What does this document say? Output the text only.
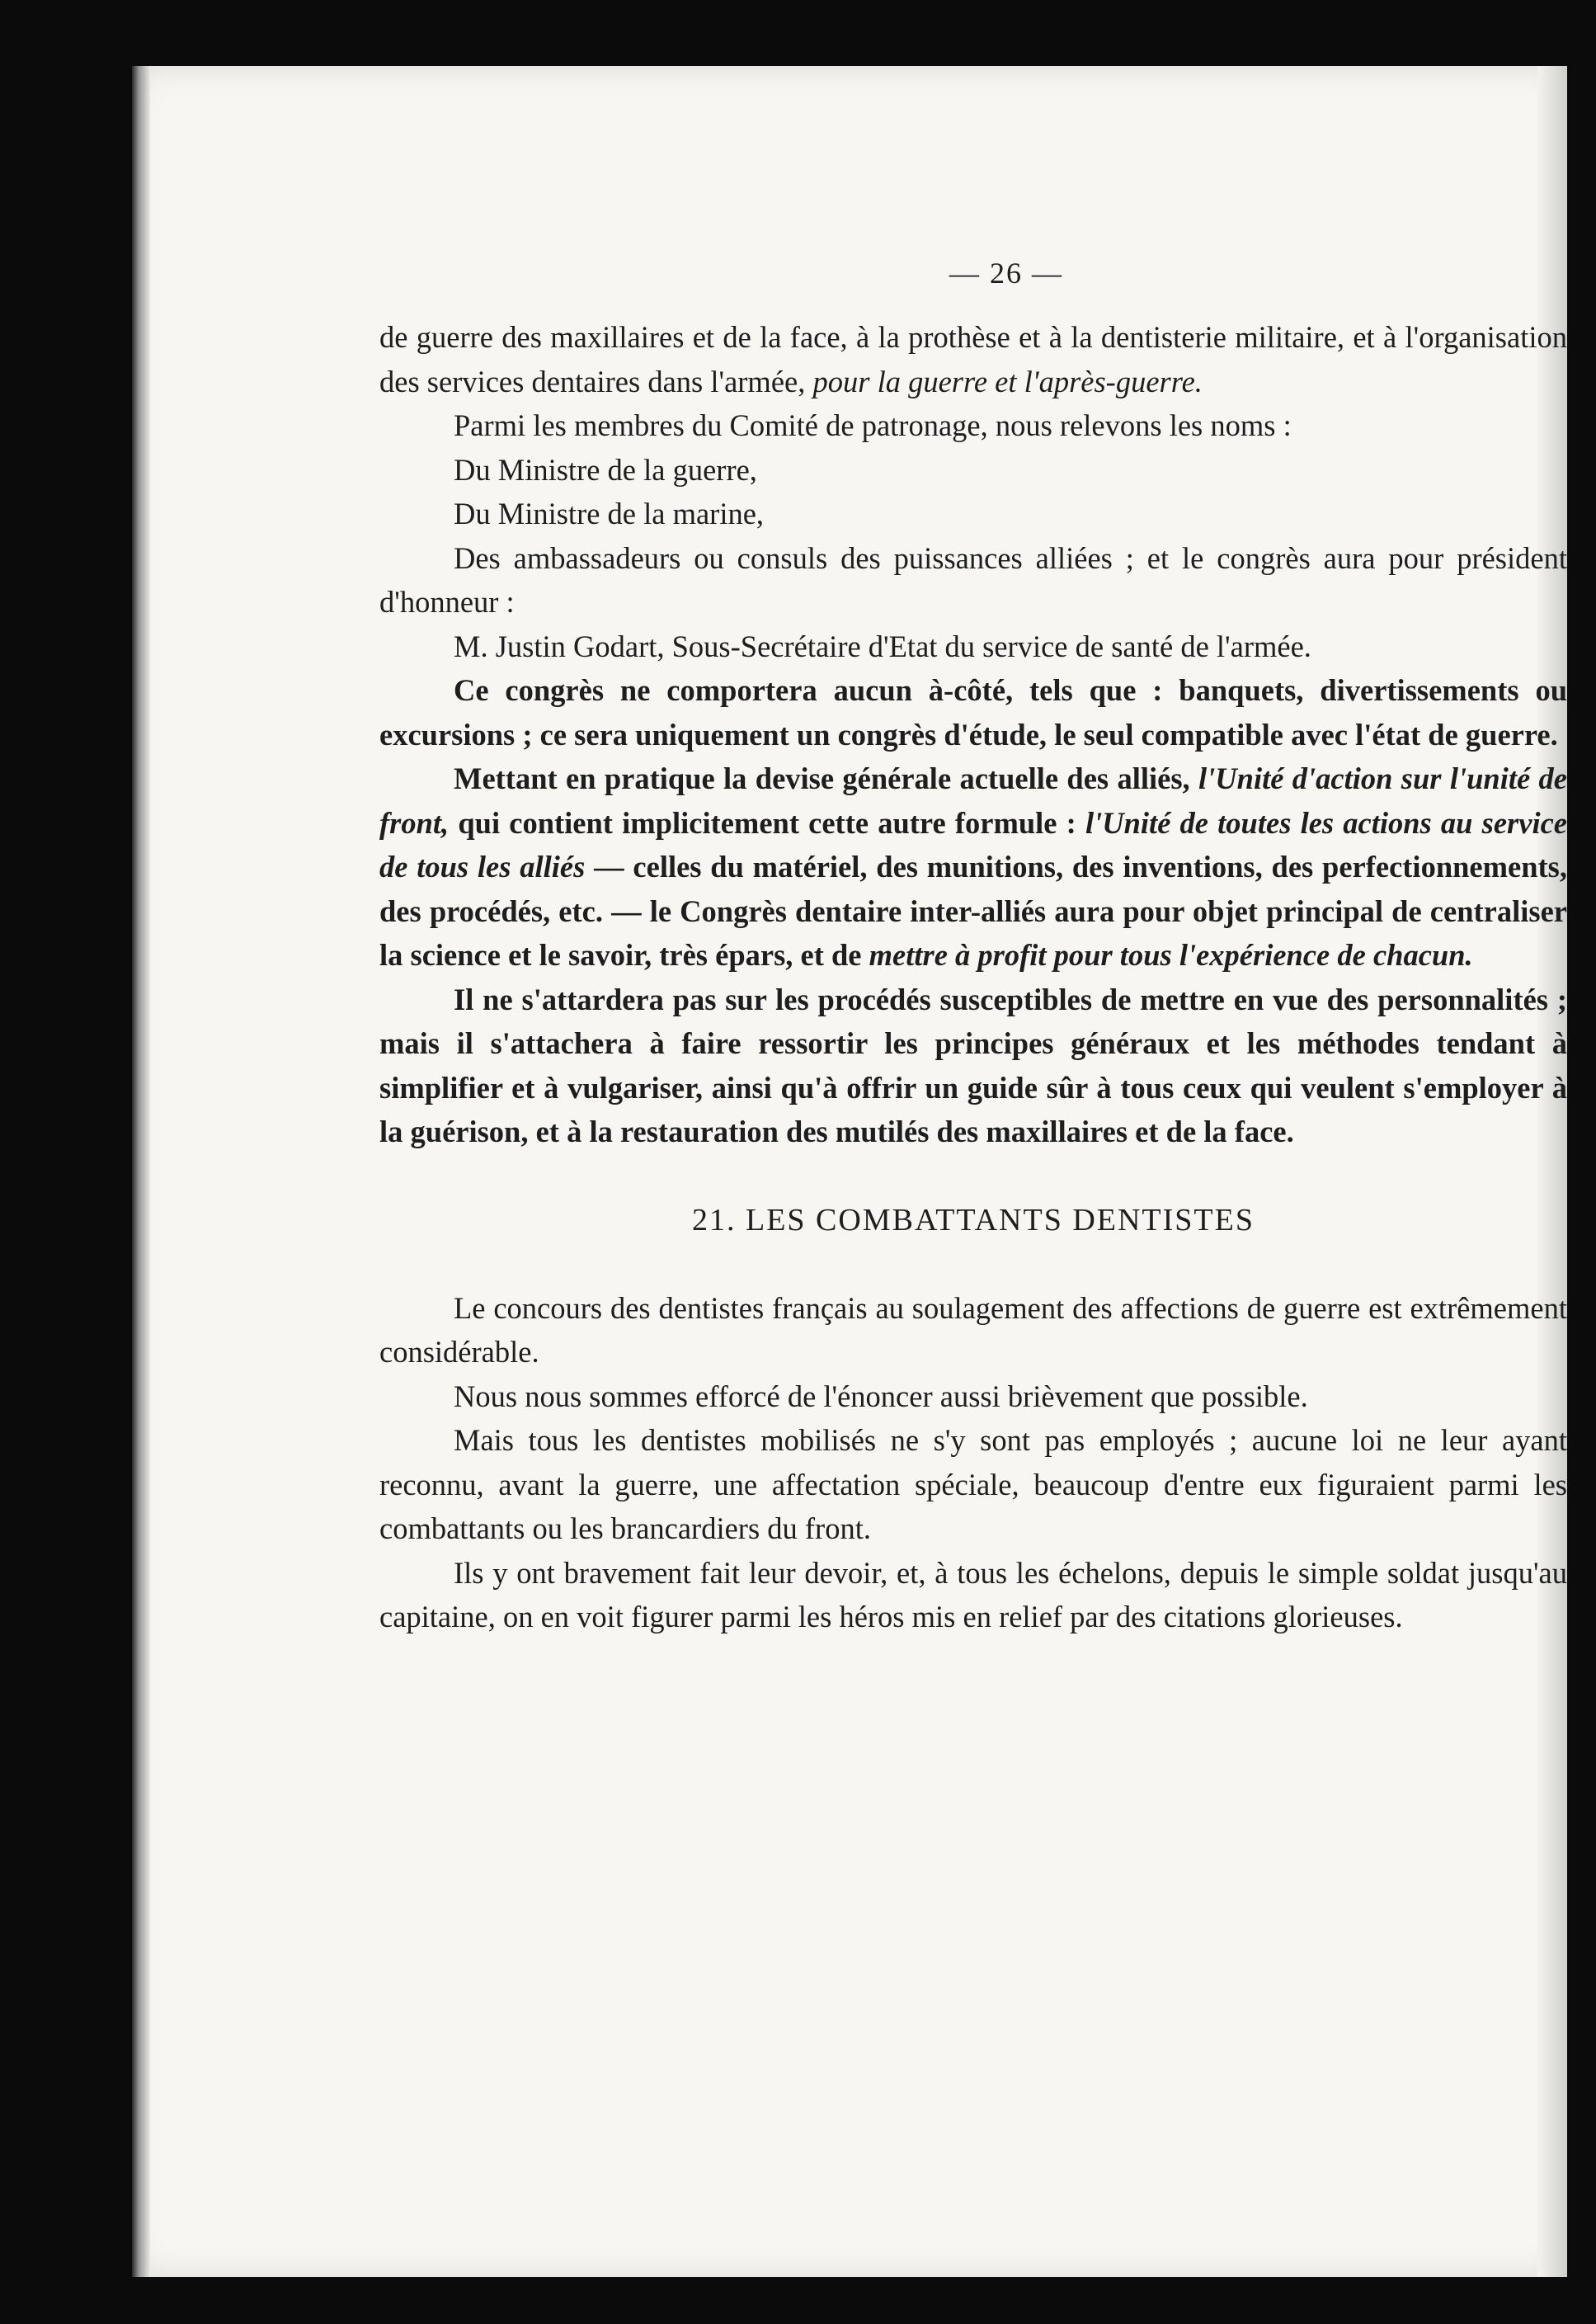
— 26 —

de guerre des maxillaires et de la face, à la prothèse et à la dentisterie militaire, et à l'organisation des services dentaires dans l'armée, pour la guerre et l'après-guerre.

Parmi les membres du Comité de patronage, nous relevons les noms :

Du Ministre de la guerre,
Du Ministre de la marine,

Des ambassadeurs ou consuls des puissances alliées ; et le congrès aura pour président d'honneur :

M. Justin Godart, Sous-Secrétaire d'Etat du service de santé de l'armée.

Ce congrès ne comportera aucun à-côté, tels que : banquets, divertissements ou excursions ; ce sera uniquement un congrès d'étude, le seul compatible avec l'état de guerre.

Mettant en pratique la devise générale actuelle des alliés, l'Unité d'action sur l'unité de front, qui contient implicitement cette autre formule : l'Unité de toutes les actions au service de tous les alliés — celles du matériel, des munitions, des inventions, des perfectionnements, des procédés, etc. — le Congrès dentaire inter-alliés aura pour objet principal de centraliser la science et le savoir, très épars, et de mettre à profit pour tous l'expérience de chacun.

Il ne s'attardera pas sur les procédés susceptibles de mettre en vue des personnalités ; mais il s'attachera à faire ressortir les principes généraux et les méthodes tendant à simplifier et à vulgariser, ainsi qu'à offrir un guide sûr à tous ceux qui veulent s'employer à la guérison, et à la restauration des mutilés des maxillaires et de la face.

21. LES COMBATTANTS DENTISTES

Le concours des dentistes français au soulagement des affections de guerre est extrêmement considérable.

Nous nous sommes efforcé de l'énoncer aussi brièvement que possible.

Mais tous les dentistes mobilisés ne s'y sont pas employés ; aucune loi ne leur ayant reconnu, avant la guerre, une affectation spéciale, beaucoup d'entre eux figuraient parmi les combattants ou les brancardiers du front.

Ils y ont bravement fait leur devoir, et, à tous les échelons, depuis le simple soldat jusqu'au capitaine, on en voit figurer parmi les héros mis en relief par des citations glorieuses.
